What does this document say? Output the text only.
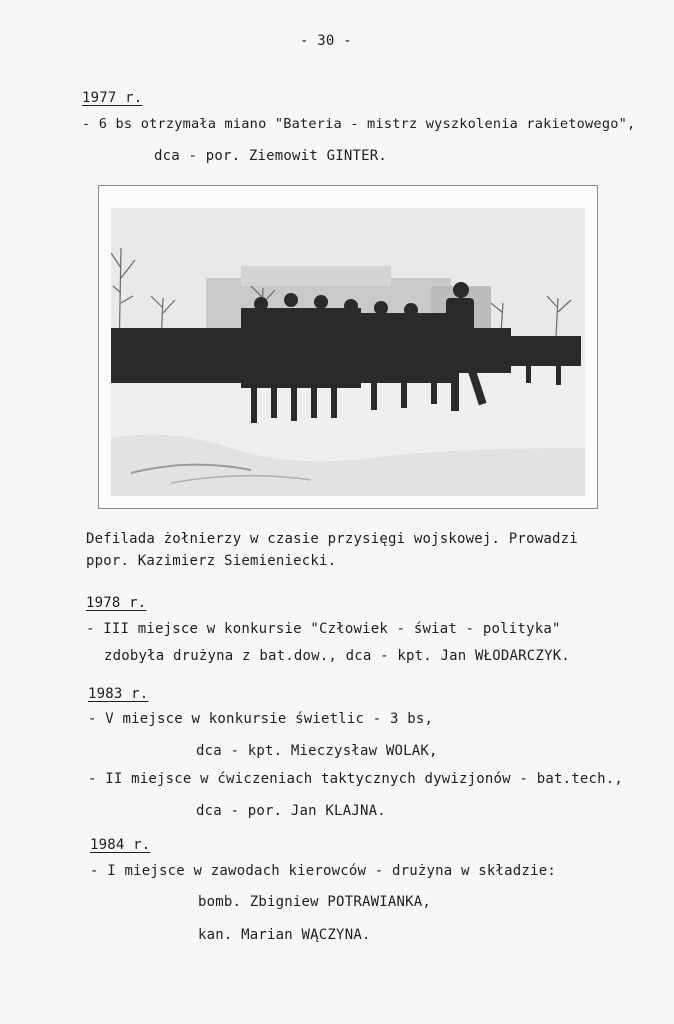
- 30 -
1977 r.
- 6 bs otrzymała miano "Bateria - mistrz wyszkolenia rakietowego",
dca - por. Ziemowit GINTER.
Defilada żołnierzy w czasie przysięgi wojskowej. Prowadzi
ppor. Kazimierz Siemieniecki.
1978 r.
- III miejsce w konkursie "Człowiek - świat - polityka"
zdobyła drużyna z bat.dow., dca - kpt. Jan WŁODARCZYK.
1983 r.
- V miejsce w konkursie świetlic - 3 bs,
dca - kpt. Mieczysław WOLAK,
- II miejsce w ćwiczeniach taktycznych dywizjonów - bat.tech.,
dca - por. Jan KLAJNA.
1984 r.
- I miejsce w zawodach kierowców - drużyna w składzie:
bomb. Zbigniew POTRAWIANKA,
kan. Marian WĄCZYNA.
